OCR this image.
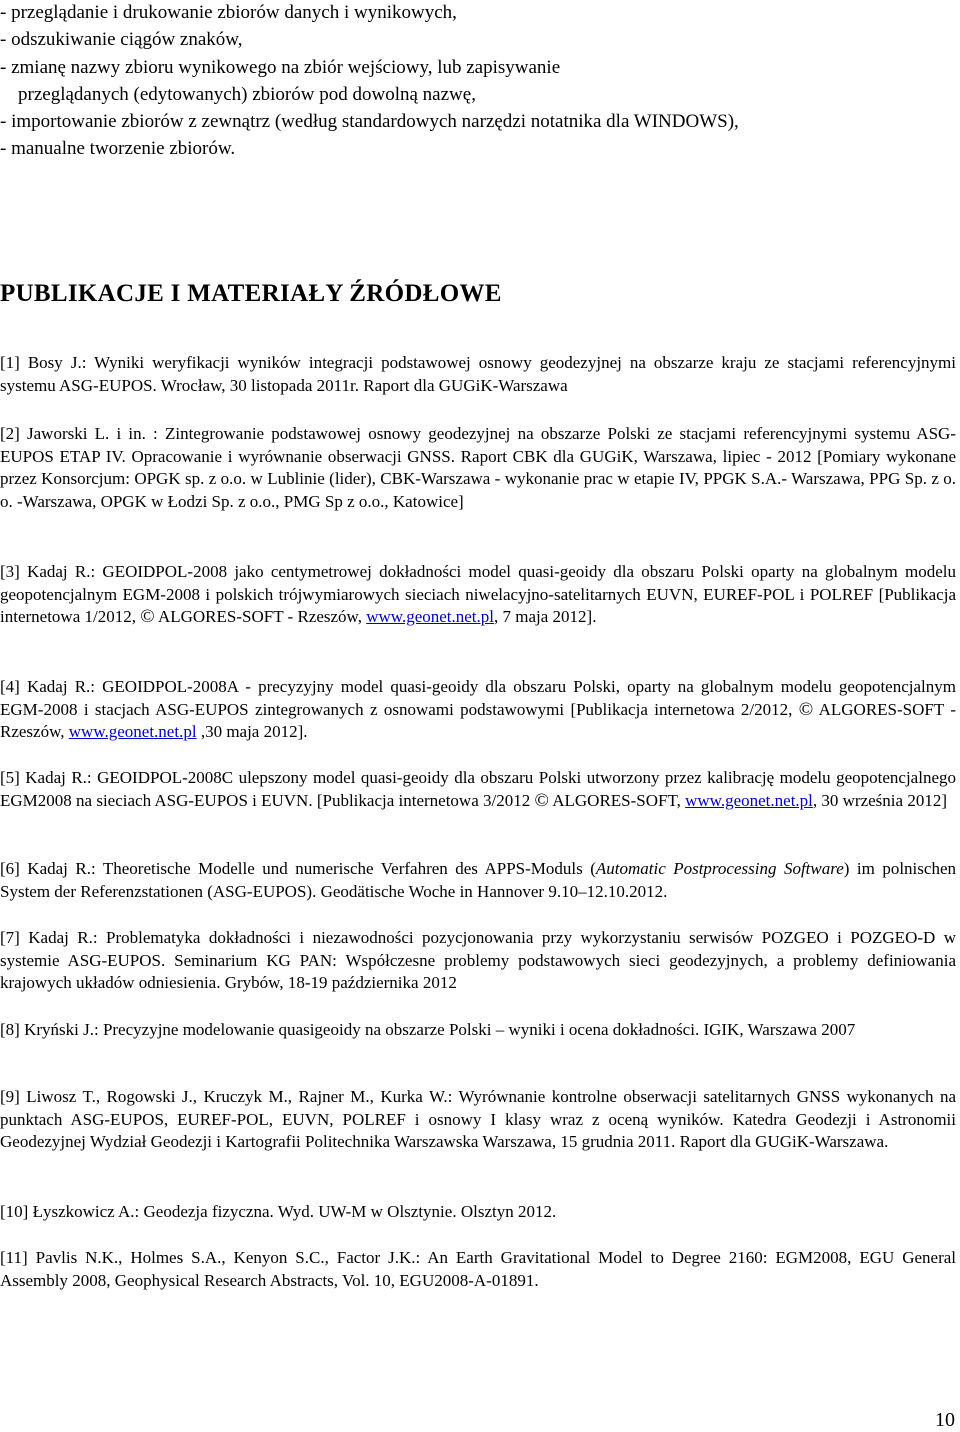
- przeglądanie i drukowanie zbiorów danych i wynikowych,
- odszukiwanie ciągów znaków,
- zmianę nazwy zbioru wynikowego na zbiór wejściowy, lub zapisywanie
przeglądanych (edytowanych) zbiorów pod dowolną nazwę,
- importowanie zbiorów z zewnątrz (według standardowych narzędzi notatnika dla WINDOWS),
- manualne tworzenie zbiorów.
PUBLIKACJE I MATERIAŁY ŹRÓDŁOWE

[1] Bosy J.: Wyniki weryfikacji wyników integracji podstawowej osnowy geodezyjnej na obszarze kraju ze stacjami referencyjnymi systemu ASG-EUPOS. Wrocław, 30 listopada 2011r. Raport dla GUGiK-Warszawa

[2] Jaworski L. i in. : Zintegrowanie podstawowej osnowy geodezyjnej na obszarze Polski ze stacjami referencyjnymi systemu ASG-EUPOS ETAP IV. Opracowanie i wyrównanie obserwacji GNSS. Raport CBK dla GUGiK, Warszawa, lipiec - 2012 [Pomiary wykonane przez Konsorcjum: OPGK sp. z o.o. w Lublinie (lider), CBK-Warszawa - wykonanie prac w etapie IV, PPGK S.A.- Warszawa, PPG Sp. z o. o. -Warszawa, OPGK w Łodzi Sp. z o.o., PMG Sp z o.o., Katowice]

[3] Kadaj R.: GEOIDPOL-2008 jako centymetrowej dokładności model quasi-geoidy dla obszaru Polski oparty na globalnym modelu geopotencjalnym EGM-2008 i polskich trójwymiarowych sieciach niwelacyjno-satelitarnych EUVN, EUREF-POL i POLREF [Publikacja internetowa 1/2012, © ALGORES-SOFT - Rzeszów, www.geonet.net.pl, 7 maja 2012].

[4] Kadaj R.: GEOIDPOL-2008A - precyzyjny model quasi-geoidy dla obszaru Polski, oparty na globalnym modelu geopotencjalnym EGM-2008 i stacjach ASG-EUPOS zintegrowanych z osnowami podstawowymi [Publikacja internetowa 2/2012, © ALGORES-SOFT - Rzeszów, www.geonet.net.pl ,30 maja 2012].

[5] Kadaj R.: GEOIDPOL-2008C ulepszony model quasi-geoidy dla obszaru Polski utworzony przez kalibrację modelu geopotencjalnego EGM2008 na sieciach ASG-EUPOS i EUVN. [Publikacja internetowa 3/2012 © ALGORES-SOFT, www.geonet.net.pl, 30 września 2012]

[6] Kadaj R.: Theoretische Modelle und numerische Verfahren des APPS-Moduls (Automatic Postprocessing Software) im polnischen System der Referenzstationen (ASG-EUPOS). Geodätische Woche in Hannover 9.10–12.10.2012.

[7] Kadaj R.: Problematyka dokładności i niezawodności pozycjonowania przy wykorzystaniu serwisów POZGEO i POZGEO-D w systemie ASG-EUPOS. Seminarium KG PAN: Współczesne problemy podstawowych sieci geodezyjnych, a problemy definiowania krajowych układów odniesienia. Grybów, 18-19 października 2012

[8] Kryński J.: Precyzyjne modelowanie quasigeoidy na obszarze Polski – wyniki i ocena dokładności. IGIK, Warszawa 2007

[9] Liwosz T., Rogowski J., Kruczyk M., Rajner M., Kurka W.: Wyrównanie kontrolne obserwacji satelitarnych GNSS wykonanych na punktach ASG-EUPOS, EUREF-POL, EUVN, POLREF i osnowy I klasy wraz z oceną wyników. Katedra Geodezji i Astronomii Geodezyjnej Wydział Geodezji i Kartografii Politechnika Warszawska Warszawa, 15 grudnia 2011. Raport dla GUGiK-Warszawa.

[10] Łyszkowicz A.: Geodezja fizyczna. Wyd. UW-M w Olsztynie. Olsztyn 2012.

[11] Pavlis N.K., Holmes S.A., Kenyon S.C., Factor J.K.: An Earth Gravitational Model to Degree 2160: EGM2008, EGU General Assembly 2008, Geophysical Research Abstracts, Vol. 10, EGU2008-A-01891.

10
